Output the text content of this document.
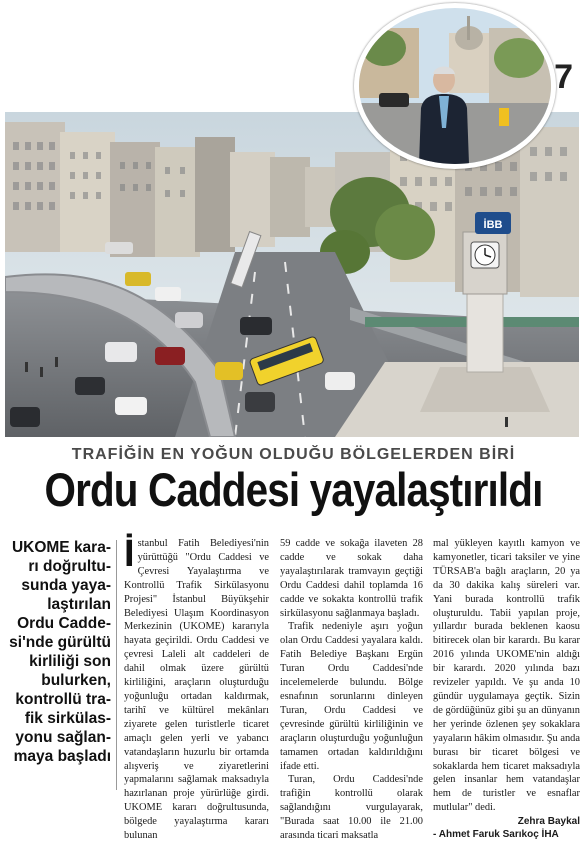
İBB
7
TRAFİĞİN EN YOĞUN OLDUĞU BÖLGELERDEN BİRİ
Ordu Caddesi yayalaştırıldı
UKOME kara-
rı doğrultu-
sunda yaya-
laştırılan
Ordu Cadde-
si'nde gürültü
kirliliği son
bulurken,
kontrollü tra-
fik sirkülas-
yonu sağlan-
maya başladı

İstanbul Fatih Belediyesi'nin yürüttüğü "Ordu Caddesi ve Çevresi Yayalaştırma ve Kontrollü Trafik Sirkülasyonu Projesi" İstanbul Büyükşehir Belediyesi Ulaşım Koordinasyon Merkezinin (UKOME) kararıyla hayata geçirildi. Ordu Caddesi ve çevresi Laleli alt caddeleri de dahil olmak üzere gürültü kirliliğini, araçların oluşturduğu yoğunluğu ortadan kaldırmak, tarihî ve kültürel mekânları ziyarete gelen turistlerle ticaret amaçlı gelen yerli ve yabancı vatandaşların huzurlu bir ortamda alışveriş ve ziyaretlerini yapmalarını sağlamak maksadıyla hazırlanan proje yürürlüğe girdi. UKOME kararı doğrultusunda, bölgede yayalaştırma kararı bulunan

59 cadde ve sokağa ilaveten 28 cadde ve sokak daha yayalaştırılarak tramvayın geçtiği Ordu Caddesi dahil toplamda 16 cadde ve sokakta kontrollü trafik sirkülasyonu sağlanmaya başladı.

Trafik nedeniyle aşırı yoğun olan Ordu Caddesi yayalara kaldı. Fatih Belediye Başkanı Ergün Turan Ordu Caddesi'nde incelemelerde bulundu. Bölge esnafının sorunlarını dinleyen Turan, Ordu Caddesi ve çevresinde gürültü kirliliğinin ve araçların oluşturduğu yoğunluğun tamamen ortadan kaldırıldığını ifade etti.

Turan, Ordu Caddesi'nde trafiğin kontrollü olarak sağlandığını vurgulayarak, "Burada saat 10.00 ile 21.00 arasında ticari maksatla

mal yükleyen kayıtlı kamyon ve kamyonetler, ticari taksiler ve yine TÜRSAB'a bağlı araçların, 20 ya da 30 dakika kalış süreleri var. Yani burada kontrollü trafik oluşturuldu. Tabii yapılan proje, yıllardır burada beklenen kaosu bitirecek olan bir karardı. Bu karar 2016 yılında UKOME'nin aldığı bir karardı. 2020 yılında bazı revizeler yapıldı. Ve şu anda 10 gündür uygulamaya geçtik. Sizin de gördüğünüz gibi şu an dünyanın her yerinde özlenen şey sokaklara yayaların hâkim olmasıdır. Şu anda burası bir ticaret bölgesi ve sokaklarda hem ticaret maksadıyla gelen insanlar hem vatandaşlar hem de turistler ve esnaflar mutlular" dedi.

Zehra Baykal
- Ahmet Faruk Sarıkoç İHA
